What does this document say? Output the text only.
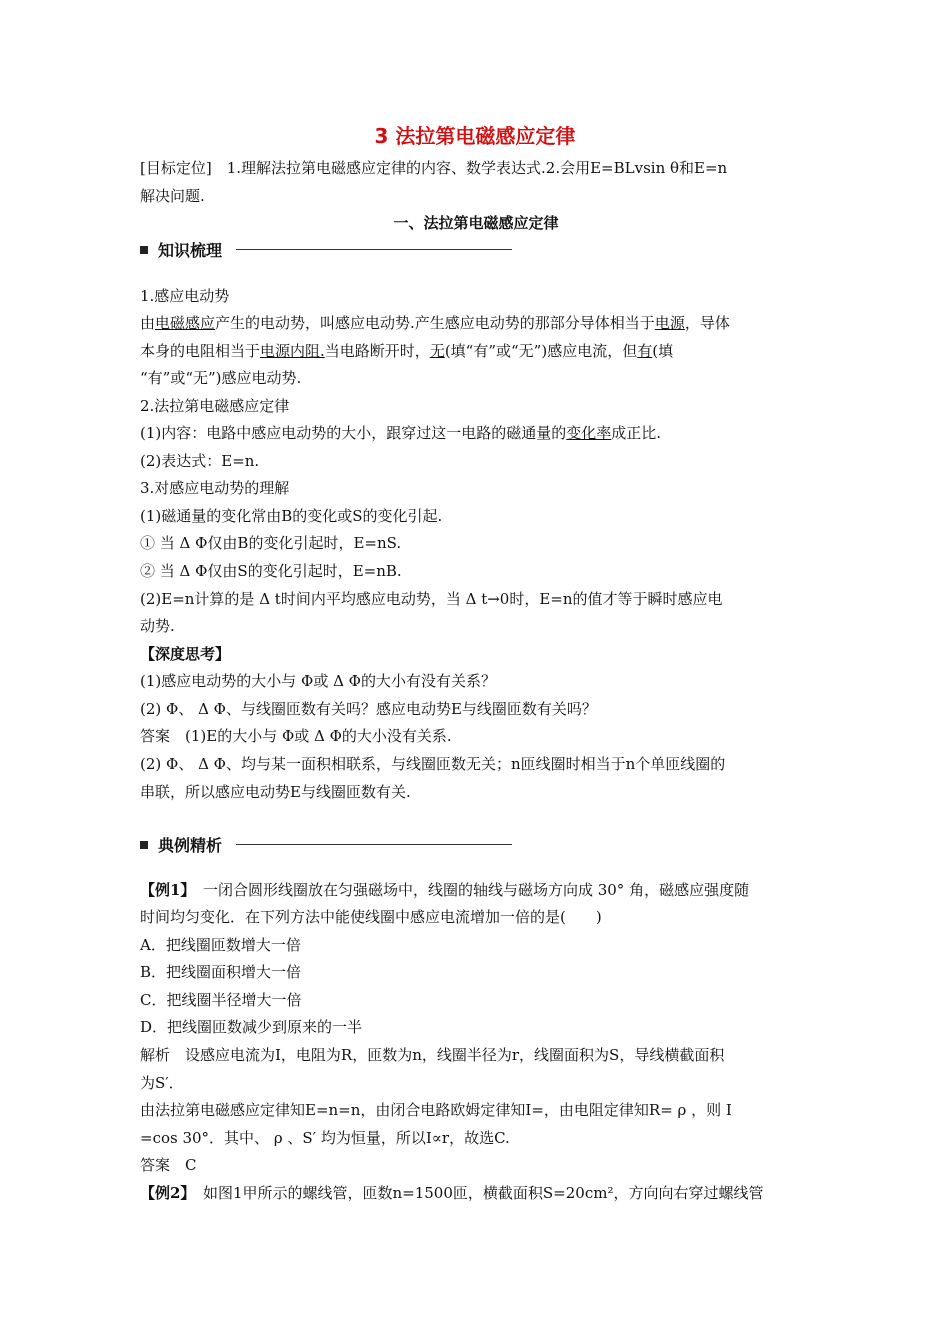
3 法拉第电磁感应定律
[目标定位]　1.理解法拉第电磁感应定律的内容、数学表达式.2.会用E=BLvsin θ和E=n
解决问题.
一、法拉第电磁感应定律
知识梳理
1.感应电动势
由电磁感应产生的电动势，叫感应电动势.产生感应电动势的那部分导体相当于电源，导体
本身的电阻相当于电源内阻.当电路断开时，无(填“有”或“无”)感应电流，但有(填
“有”或“无”)感应电动势.
2.法拉第电磁感应定律
(1)内容：电路中感应电动势的大小，跟穿过这一电路的磁通量的变化率成正比.
(2)表达式：E=n.
3.对感应电动势的理解
(1)磁通量的变化常由B的变化或S的变化引起.
① 当 Δ Φ仅由B的变化引起时，E=nS.
② 当 Δ Φ仅由S的变化引起时，E=nB.
(2)E=n计算的是 Δ t时间内平均感应电动势，当 Δ t→0时，E=n的值才等于瞬时感应电
动势.
【深度思考】
(1)感应电动势的大小与 Φ或 Δ Φ的大小有没有关系？
(2) Φ、 Δ Φ、与线圈匝数有关吗？感应电动势E与线圈匝数有关吗？
答案　(1)E的大小与 Φ或 Δ Φ的大小没有关系.
(2) Φ、 Δ Φ、均与某一面积相联系，与线圈匝数无关；n匝线圈时相当于n个单匝线圈的
串联，所以感应电动势E与线圈匝数有关.
典例精析
【例1】　一闭合圆形线圈放在匀强磁场中，线圈的轴线与磁场方向成 30° 角，磁感应强度随
时间均匀变化．在下列方法中能使线圈中感应电流增加一倍的是(　　)
A．把线圈匝数增大一倍
B．把线圈面积增大一倍
C．把线圈半径增大一倍
D．把线圈匝数减少到原来的一半
解析　设感应电流为I，电阻为R，匝数为n，线圈半径为r，线圈面积为S，导线横截面积
为S′．
由法拉第电磁感应定律知E=n=n，由闭合电路欧姆定律知I=，由电阻定律知R= ρ ，则 I
=cos 30°．其中、 ρ 、S′ 均为恒量，所以I∝r，故选C.
答案　C
【例2】　如图1甲所示的螺线管，匝数n=1500匝，横截面积S=20cm²，方向向右穿过螺线管
